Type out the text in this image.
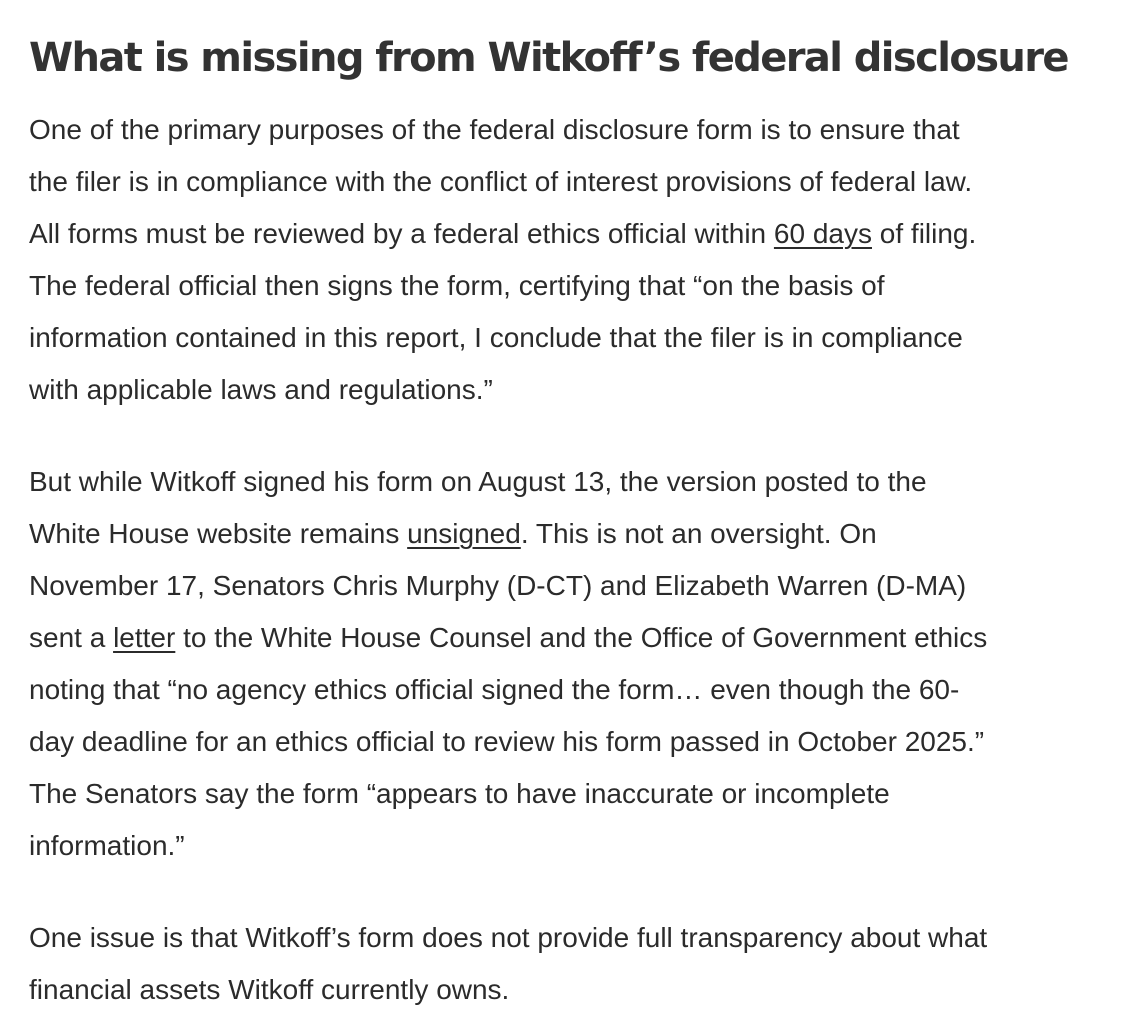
What is missing from Witkoff’s federal disclosure

One of the primary purposes of the federal disclosure form is to ensure that
the filer is in compliance with the conflict of interest provisions of federal law.
All forms must be reviewed by a federal ethics official within 60 days of filing.
The federal official then signs the form, certifying that “on the basis of
information contained in this report, I conclude that the filer is in compliance
with applicable laws and regulations.”

But while Witkoff signed his form on August 13, the version posted to the
White House website remains unsigned. This is not an oversight. On
November 17, Senators Chris Murphy (D-CT) and Elizabeth Warren (D-MA)
sent a letter to the White House Counsel and the Office of Government ethics
noting that “no agency ethics official signed the form… even though the 60-
day deadline for an ethics official to review his form passed in October 2025.”
The Senators say the form “appears to have inaccurate or incomplete
information.”

One issue is that Witkoff’s form does not provide full transparency about what
financial assets Witkoff currently owns.
